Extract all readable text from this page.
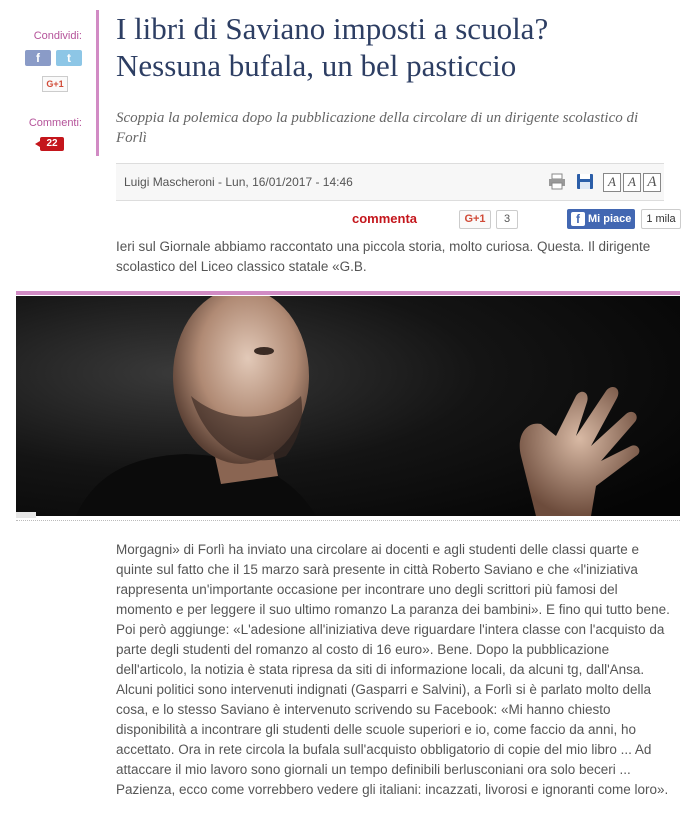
Condividi:
f	t
G+1
Commenti:
22
I libri di Saviano imposti a scuola?
Nessuna bufala, un bel pasticcio

Scoppia la polemica dopo la pubblicazione della circolare di un dirigente scolastico di Forlì

Luigi Mascheroni - Lun, 16/01/2017 - 14:46	A A A
commenta	G+1	3	f Mi piace	1 mila

Ieri sul Giornale abbiamo raccontato una piccola storia, molto curiosa. Questa. Il dirigente scolastico del Liceo classico statale «G.B.

Morgagni» di Forlì ha inviato una circolare ai docenti e agli studenti delle classi quarte e quinte sul fatto che il 15 marzo sarà presente in città Roberto Saviano e che «l'iniziativa rappresenta un'importante occasione per incontrare uno degli scrittori più famosi del momento e per leggere il suo ultimo romanzo La paranza dei bambini». E fino qui tutto bene. Poi però aggiunge: «L'adesione all'iniziativa deve riguardare l'intera classe con l'acquisto da parte degli studenti del romanzo al costo di 16 euro». Bene. Dopo la pubblicazione dell'articolo, la notizia è stata ripresa da siti di informazione locali, da alcuni tg, dall'Ansa. Alcuni politici sono intervenuti indignati (Gasparri e Salvini), a Forlì si è parlato molto della cosa, e lo stesso Saviano è intervenuto scrivendo su Facebook: «Mi hanno chiesto disponibilità a incontrare gli studenti delle scuole superiori e io, come faccio da anni, ho accettato. Ora in rete circola la bufala sull'acquisto obbligatorio di copie del mio libro ... Ad attaccare il mio lavoro sono giornali un tempo definibili berlusconiani ora solo beceri ... Pazienza, ecco come vorrebbero vedere gli italiani: incazzati, livorosi e ignoranti come loro».
